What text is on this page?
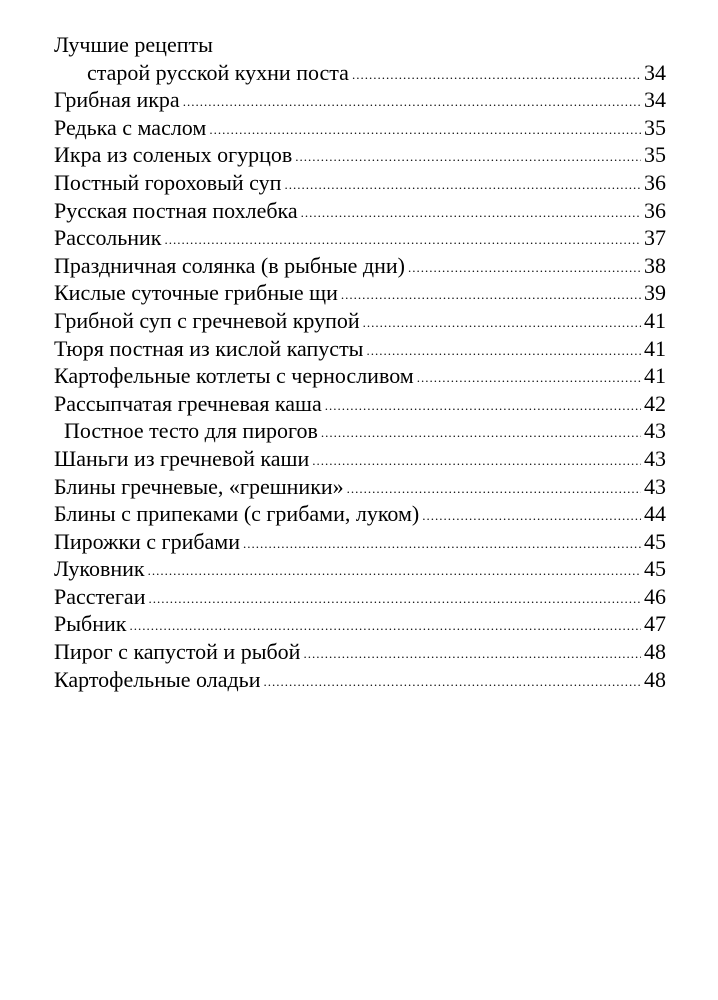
Лучшие рецепты
старой русской кухни поста .....	34
Грибная икра .....	34
Редька с маслом .....	35
Икра из соленых огурцов .....	35
Постный гороховый суп .....	36
Русская постная похлебка .....	36
Рассольник .....	37
Праздничная солянка (в рыбные дни) .....	38
Кислые суточные грибные щи .....	39
Грибной суп с гречневой крупой .....	41
Тюря постная из кислой капусты .....	41
Картофельные котлеты с черносливом .....	41
Рассыпчатая гречневая каша .....	42
Постное тесто для пирогов .....	43
Шаньги из гречневой каши .....	43
Блины гречневые, «грешники» .....	43
Блины с припеками (с грибами, луком) .....	44
Пирожки с грибами .....	45
Луковник .....	45
Расстегаи .....	46
Рыбник .....	47
Пирог с капустой и рыбой .....	48
Картофельные оладьи .....	48
